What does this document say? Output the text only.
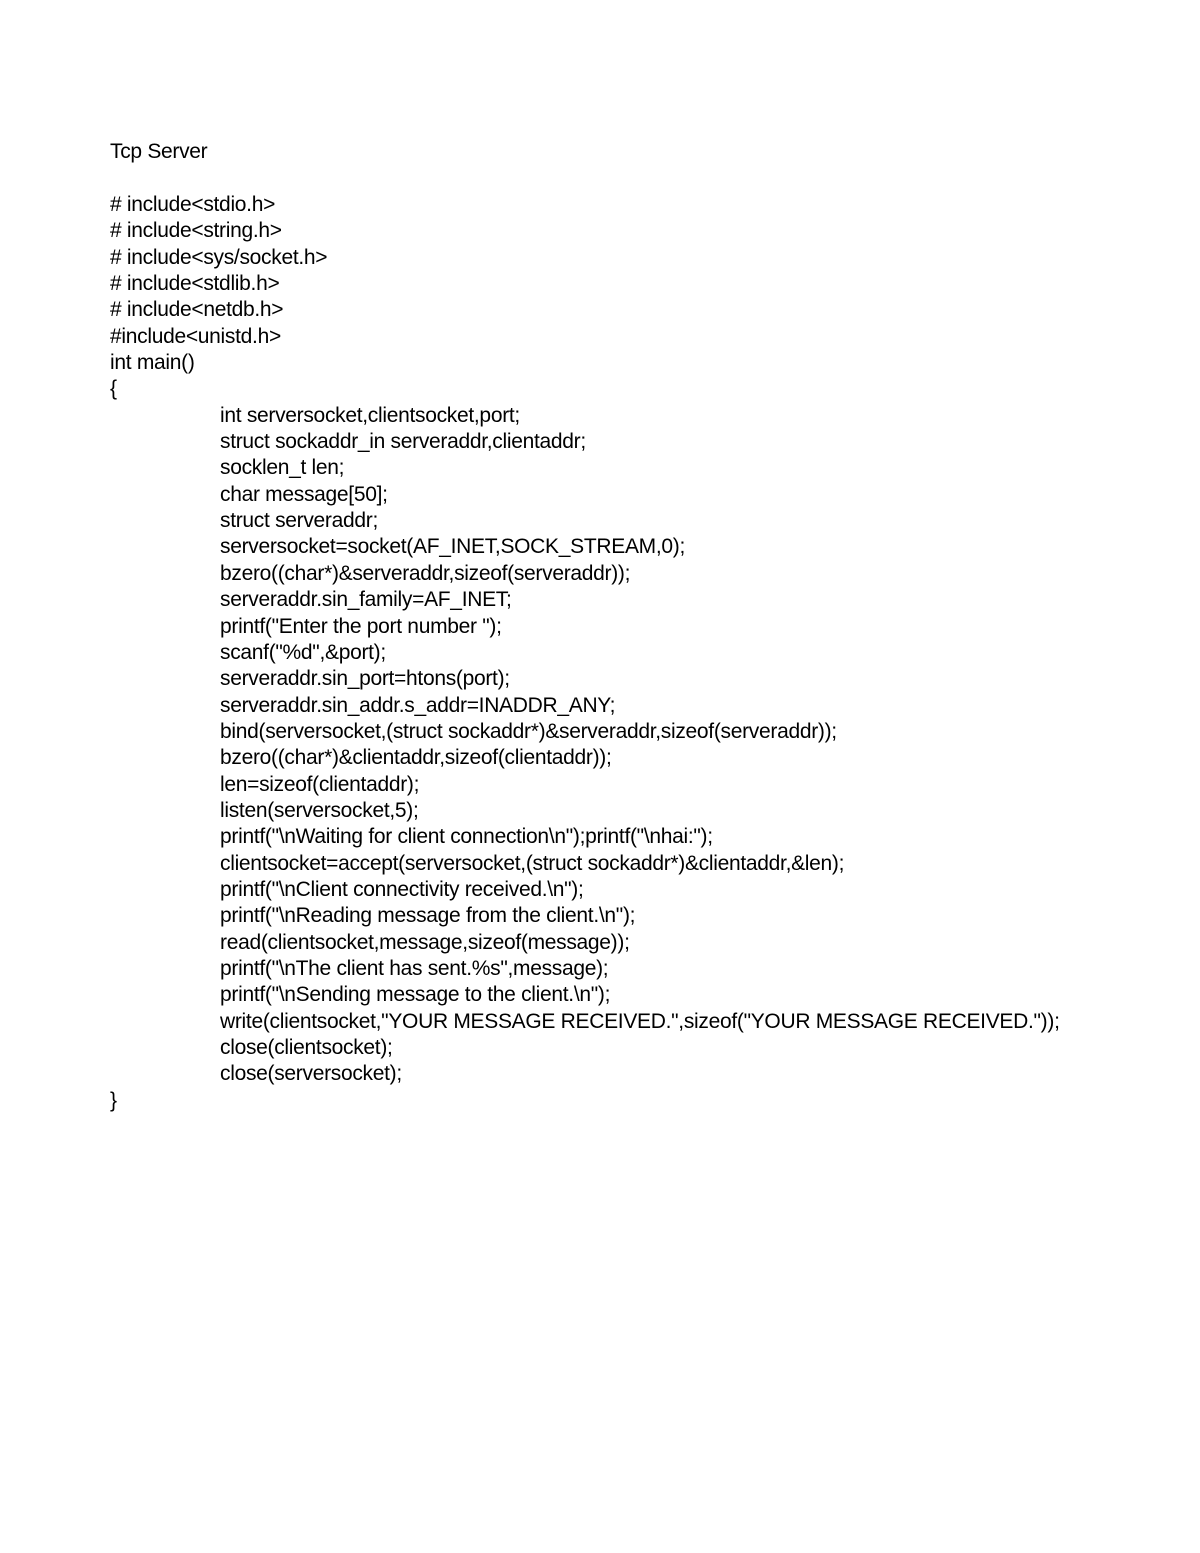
Tcp Server
# include<stdio.h>
# include<string.h>
# include<sys/socket.h>
# include<stdlib.h>
# include<netdb.h>
#include<unistd.h>
int main()
{
int serversocket,clientsocket,port;
struct sockaddr_in serveraddr,clientaddr;
socklen_t len;
char message[50];
struct serveraddr;
serversocket=socket(AF_INET,SOCK_STREAM,0);
bzero((char*)&serveraddr,sizeof(serveraddr));
serveraddr.sin_family=AF_INET;
printf("Enter the port number ");
scanf("%d",&port);
serveraddr.sin_port=htons(port);
serveraddr.sin_addr.s_addr=INADDR_ANY;
bind(serversocket,(struct sockaddr*)&serveraddr,sizeof(serveraddr));
bzero((char*)&clientaddr,sizeof(clientaddr));
len=sizeof(clientaddr);
listen(serversocket,5);
printf("\nWaiting for client connection\n");printf("\nhai:");
clientsocket=accept(serversocket,(struct sockaddr*)&clientaddr,&len);
printf("\nClient connectivity received.\n");
printf("\nReading message from the client.\n");
read(clientsocket,message,sizeof(message));
printf("\nThe client has sent.%s",message);
printf("\nSending message to the client.\n");
write(clientsocket,"YOUR MESSAGE RECEIVED.",sizeof("YOUR MESSAGE RECEIVED."));
close(clientsocket);
close(serversocket);
}
